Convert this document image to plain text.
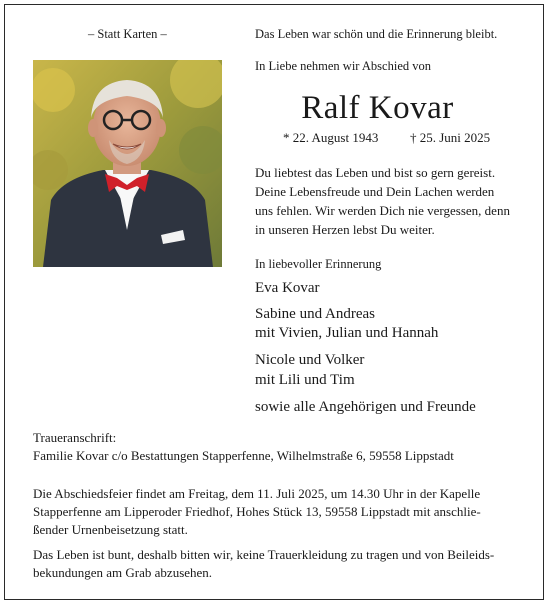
– Statt Karten –	Das Leben war schön und die Erinnerung bleibt.
In Liebe nehmen wir Abschied von
Ralf Kovar
* 22. August 1943 † 25. Juni 2025
Du liebtest das Leben und bist so gern gereist.
Deine Lebensfreude und Dein Lachen werden
uns fehlen. Wir werden Dich nie vergessen, denn
in unseren Herzen lebst Du weiter.
In liebevoller Erinnerung
Eva Kovar
Sabine und Andreas
mit Vivien, Julian und Hannah
Nicole und Volker
mit Lili und Tim
sowie alle Angehörigen und Freunde
Traueranschrift:
Familie Kovar c/o Bestattungen Stapperfenne, Wilhelmstraße 6, 59558 Lippstadt
Die Abschiedsfeier findet am Freitag, dem 11. Juli 2025, um 14.30 Uhr in der Kapelle
Stapperfenne am Lipperoder Friedhof, Hohes Stück 13, 59558 Lippstadt mit anschlie-
ßender Urnenbeisetzung statt.
Das Leben ist bunt, deshalb bitten wir, keine Trauerkleidung zu tragen und von Beileids-
bekundungen am Grab abzusehen.
